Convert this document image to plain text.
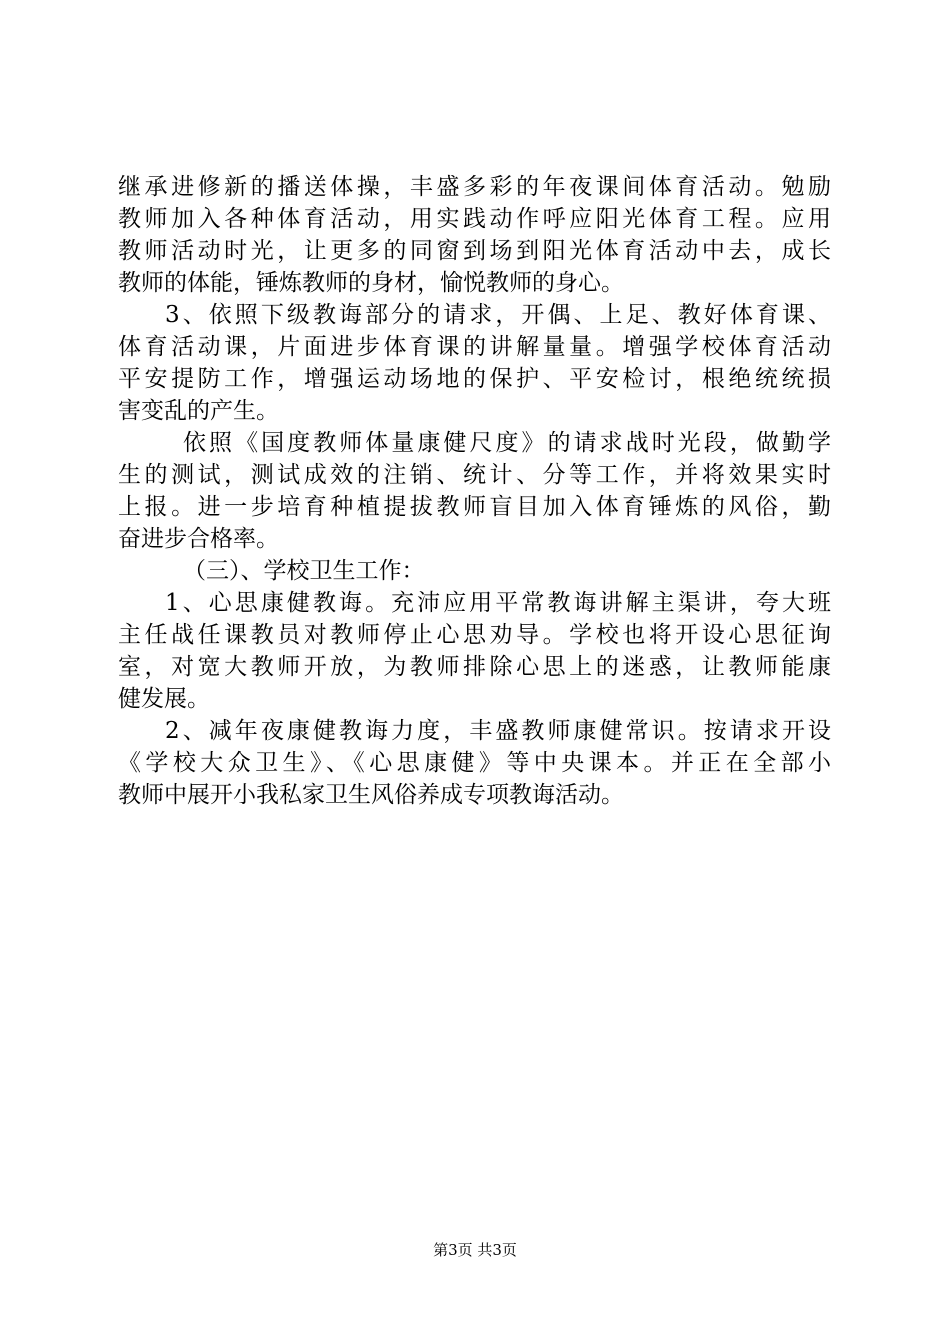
继承进修新的播送体操，丰盛多彩的年夜课间体育活动。勉励
教师加入各种体育活动，用实践动作呼应阳光体育工程。应用
教师活动时光，让更多的同窗到场到阳光体育活动中去，成长
教师的体能，锤炼教师的身材，愉悦教师的身心。
3、依照下级教诲部分的请求，开偶、上足、教好体育课、
体育活动课，片面进步体育课的讲解量量。增强学校体育活动
平安提防工作，增强运动场地的保护、平安检讨，根绝统统损
害变乱的产生。
依照《国度教师体量康健尺度》的请求战时光段，做勤学
生的测试，测试成效的注销、统计、分等工作，并将效果实时
上报。进一步培育种植提拔教师盲目加入体育锤炼的风俗，勤
奋进步合格率。
（三）、学校卫生工作：
1、心思康健教诲。充沛应用平常教诲讲解主渠讲，夸大班
主任战任课教员对教师停止心思劝导。学校也将开设心思征询
室，对宽大教师开放，为教师排除心思上的迷惑，让教师能康
健发展。
2、减年夜康健教诲力度，丰盛教师康健常识。按请求开设
《学校大众卫生》、《心思康健》等中央课本。并正在全部小
教师中展开小我私家卫生风俗养成专项教诲活动。
第3页 共3页
